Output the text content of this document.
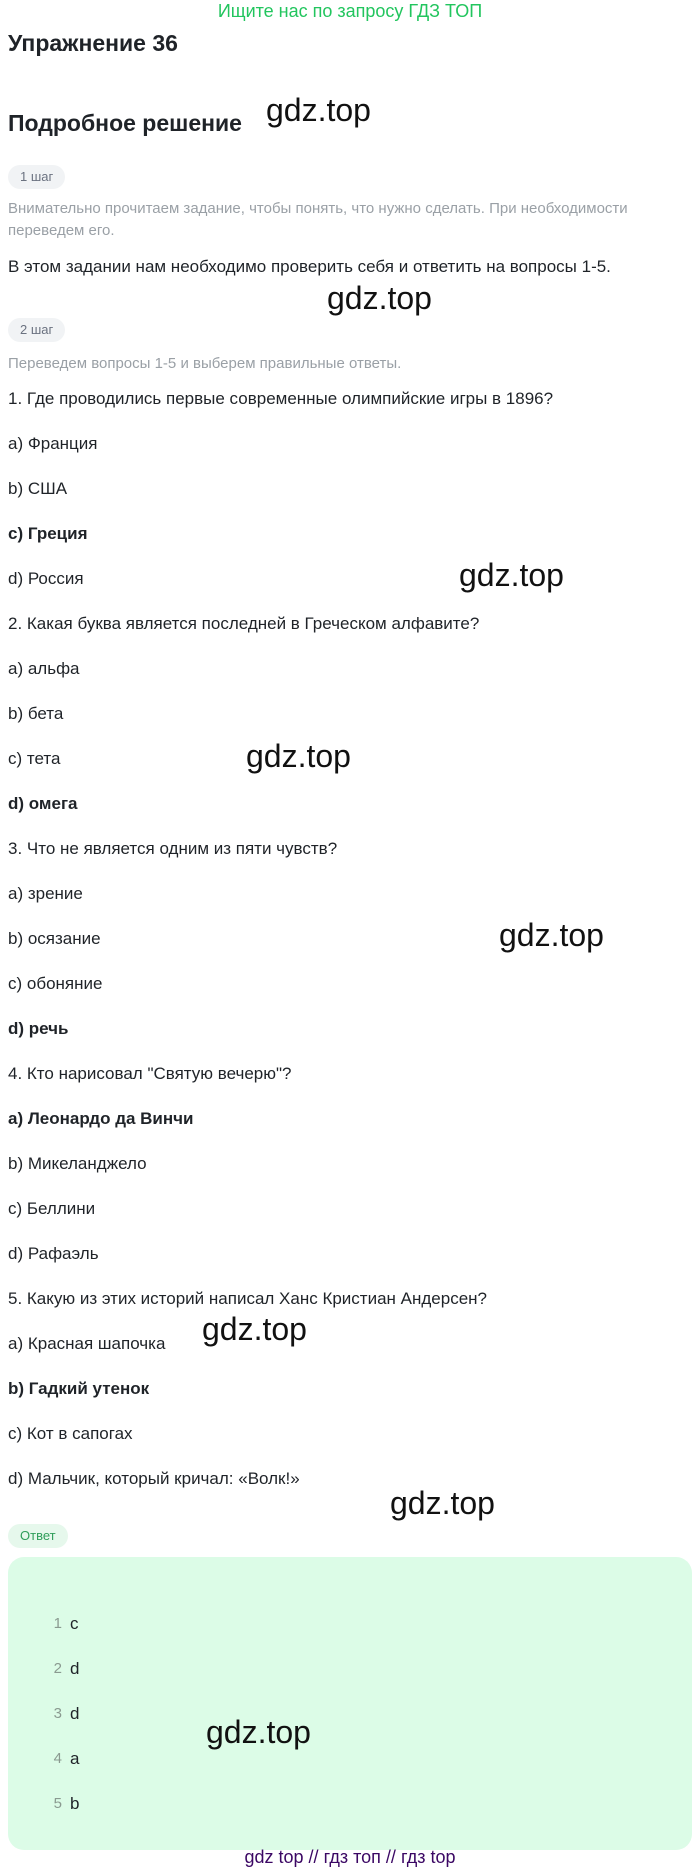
Ищите нас по запросу ГДЗ ТОП
Упражнение 36
Подробное решение
1 шаг
Внимательно прочитаем задание, чтобы понять, что нужно сделать. При необходимости переведем его.
В этом задании нам необходимо проверить себя и ответить на вопросы 1-5.
2 шаг
Переведем вопросы 1-5 и выберем правильные ответы.
1. Где проводились первые современные олимпийские игры в 1896?
a) Франция
b) США
c) Греция
d) Россия
2. Какая буква является последней в Греческом алфавите?
a) альфа
b) бета
c) тета
d) омега
3. Что не является одним из пяти чувств?
a) зрение
b) осязание
c) обоняние
d) речь
4. Кто нарисовал "Святую вечерю"?
a) Леонардо да Винчи
b) Микеланджело
c) Беллини
d) Рафаэль
5. Какую из этих историй написал Ханс Кристиан Андерсен?
a) Красная шапочка
b) Гадкий утенок
c) Кот в сапогах
d) Мальчик, который кричал: «Волк!»
Ответ
1 c
2 d
3 d
4 a
5 b
gdz.top
gdz.top
gdz.top
gdz.top
gdz.top
gdz.top
gdz.top
gdz.top
gdz top // гдз топ // гдз top
